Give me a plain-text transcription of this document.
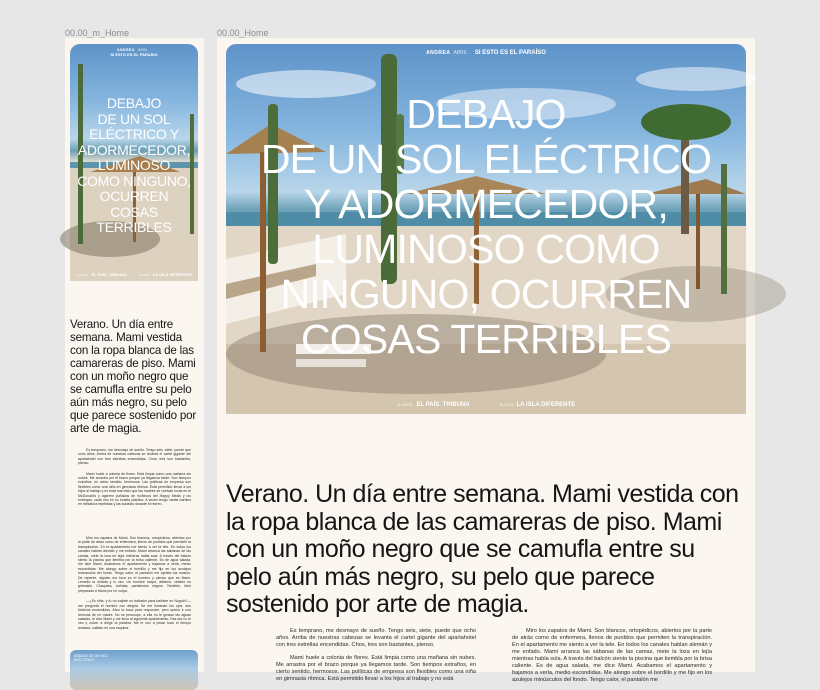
00.00_m_Home	00.00_Home
ANDREA ABRIL
SI ESTO ES EL PARAÍSO
DEBAJO
DE UN SOL
ELÉCTRICO Y
ADORMECEDOR,
LUMINOSO
COMO NINGUNO,
OCURREN
COSAS
TERRIBLES
11 ABRIL EL PAÍS. TRIBUNA	ELISSA LA ISLA DIFERENTE
Verano. Un día entre semana. Mami vestida con la ropa blanca de las camareras de piso. Mami con un moño negro que se camufla entre su pelo aún más negro, su pelo que parece sostenido por arte de magia.

Es temprano, me desmayo de sueño. Tengo seis, siete, puede que ocho años. Arriba de nuestras cabezas se levanta el cartel gigante del apartahotel con tres estrellas encendidas. Chos, tres son bastantes, pienso.

Mami huele a colonia de flores. Está limpia como una mañana sin nubes. Me arrastra por el brazo porque ya llegamos tarde. Son tiempos extraños, en cierto sentido, hermosos. Las políticas de empresa son flexibles como una niña en gimnasia rítmica. Está permitido llevar a los hijos al trabajo y no está mal visto que las madres se vuelvan locas en el McDonald's y agarren puñados de muñecos del Happy Meals y los entregan, cada uno en su bolsita plástica. A veces tengo varias barbies en miniatura repetidas y las subasto durante el recreo.

Miro los zapatos de Mami. Son blancos, ortopédicos, abiertos por la parte de atrás como de enfermera, llenos de puntitos que permiten la transpiración. En el apartamento me siento a ver la tele. En todos los canales hablan alemán y me enfado. Mami arranca las sábanas de las camas, mete la loza en lejía mientras habla sola. A través del balcón siento la piscina que tiembla por la brisa caliente. Es de agua salada, me dice Mami. Acabamos el apartamento y bajamos a verla, medio escondidas. Me alongo sobre el bordillo y me fijo en los azulejos minúsculos del fondo. Tengo calor, el pantalón me aprieta los muslos. De repente, alguien me toca en el hombro y pienso que es Mami. Levanto la mirada y lo veo. Un hombre mayor, altísimo, vestido en gimnasio. Chaqueta, corbata, pantalones negros. También, bien preparado a Mami por mí culpa.

—¿Es niña, y tú no trajiste un bañador para bañarte en Noguló?— me pregunta el hombre con alegría. Se me iluminan los ojos, dos fósforos encendidos. Abro la boca para responder, pero quiero ir con renovas de mi madre. No se preocupe, a ella no le gustan las aguas saladas, le dice Mami y me lleva al siguiente apartamento. Esa día no le veo y volver a dirigir la palabra. Me le veo a pesar todo el tiempo ansiado, callado en una esquina.

DEBAJO DE UN SOL
ELÉCTRICO
ANDREA ABRIL SI ESTO ES EL PARAÍSO
DEBAJO
DE UN SOL ELÉCTRICO
Y ADORMECEDOR,
LUMINOSO COMO
NINGUNO, OCURREN
COSAS TERRIBLES
11 ABRIL EL PAÍS. TRIBUNA	ELISSA LA ISLA DIFERENTE
Verano. Un día entre semana. Mami vestida con la ropa blanca de las camareras de piso. Mami con un moño negro que se camufla entre su pelo aún más negro, su pelo que parece sostenido por arte de magia.

Es temprano, me desmayo de sueño. Tengo seis, siete, puede que ocho años. Arriba de nuestras cabezas se levanta el cartel gigante del apartahotel con tres estrellas encendidas. Chos, tres son bastantes, pienso.

Mami huele a colonia de flores. Está limpia como una mañana sin nubes. Me arrastra por el brazo porque ya llegamos tarde. Son tiempos extraños, en cierto sentido, hermosos. Las políticas de empresa son flexibles como una niña en gimnasia rítmica. Está permitido llevar a los hijos al trabajo y no está

Miro los zapatos de Mami. Son blancos, ortopédicos, abiertos por la parte de atrás como de enfermera, llenos de puntitos que permiten la transpiración. En el apartamento me siento a ver la tele. En todos los canales hablan alemán y me enfado. Mami arranca las sábanas de las camas, mete la loza en lejía mientras habla sola. A través del balcón siento la piscina que tiembla por la brisa caliente. Es de agua salada, me dice Mami. Acabamos el apartamento y bajamos a verla, medio escondidas. Me alongo sobre el bordillo y me fijo en los azulejos minúsculos del fondo. Tengo calor, el pantalón me
